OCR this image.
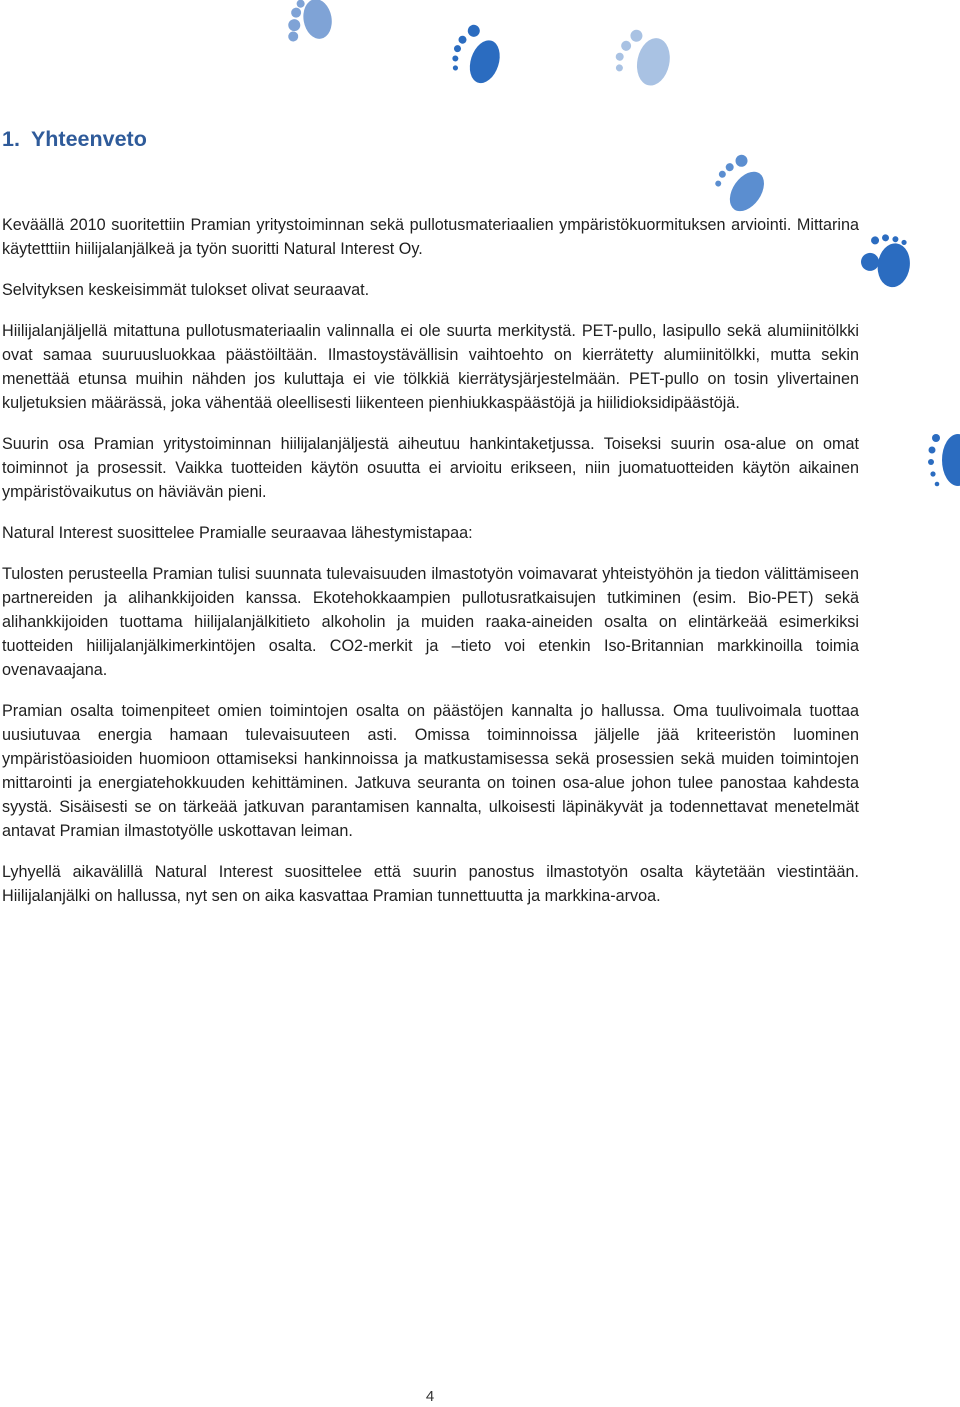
1. Yhteenveto

Keväällä 2010 suoritettiin Pramian yritystoiminnan sekä pullotusmateriaalien ympäristökuormituksen arviointi. Mittarina käytetttiin hiilijalanjälkeä ja työn suoritti Natural Interest Oy.

Selvityksen keskeisimmät tulokset olivat seuraavat.

Hiilijalanjäljellä mitattuna pullotusmateriaalin valinnalla ei ole suurta merkitystä. PET-pullo, lasipullo sekä alumiinitölkki ovat samaa suuruusluokkaa päästöiltään. Ilmastoystävällisin vaihtoehto on kierrätetty alumiinitölkki, mutta sekin menettää etunsa muihin nähden jos kuluttaja ei vie tölkkiä kierrätysjärjestelmään. PET-pullo on tosin ylivertainen kuljetuksien määrässä, joka vähentää oleellisesti liikenteen pienhiukkaspäästöjä ja hiilidioksidipäästöjä.

Suurin osa Pramian yritystoiminnan hiilijalanjäljestä aiheutuu hankintaketjussa. Toiseksi suurin osa-alue on omat toiminnot ja prosessit. Vaikka tuotteiden käytön osuutta ei arvioitu erikseen, niin juomatuotteiden käytön aikainen ympäristövaikutus on häviävän pieni.

Natural Interest suosittelee Pramialle seuraavaa lähestymistapaa:

Tulosten perusteella Pramian tulisi suunnata tulevaisuuden ilmastotyön voimavarat yhteistyöhön ja tiedon välittämiseen partnereiden ja alihankkijoiden kanssa. Ekotehokkaampien pullotusratkaisujen tutkiminen (esim. Bio-PET) sekä alihankkijoiden tuottama hiilijalanjälkitieto alkoholin ja muiden raaka-aineiden osalta on elintärkeää esimerkiksi tuotteiden hiilijalanjälkimerkintöjen osalta. CO2-merkit ja –tieto voi etenkin Iso-Britannian markkinoilla toimia ovenavaajana.

Pramian osalta toimenpiteet omien toimintojen osalta on päästöjen kannalta jo hallussa. Oma tuulivoimala tuottaa uusiutuvaa energia hamaan tulevaisuuteen asti. Omissa toiminnoissa jäljelle jää kriteeristön luominen ympäristöasioiden huomioon ottamiseksi hankinnoissa ja matkustamisessa sekä prosessien sekä muiden toimintojen mittarointi ja energiatehokkuuden kehittäminen. Jatkuva seuranta on toinen osa-alue johon tulee panostaa kahdesta syystä. Sisäisesti se on tärkeää jatkuvan parantamisen kannalta, ulkoisesti läpinäkyvät ja todennettavat menetelmät antavat Pramian ilmastotyölle uskottavan leiman.

Lyhyellä aikavälillä Natural Interest suosittelee että suurin panostus ilmastotyön osalta käytetään viestintään. Hiilijalanjälki on hallussa, nyt sen on aika kasvattaa Pramian tunnettuutta ja markkina-arvoa.

4
